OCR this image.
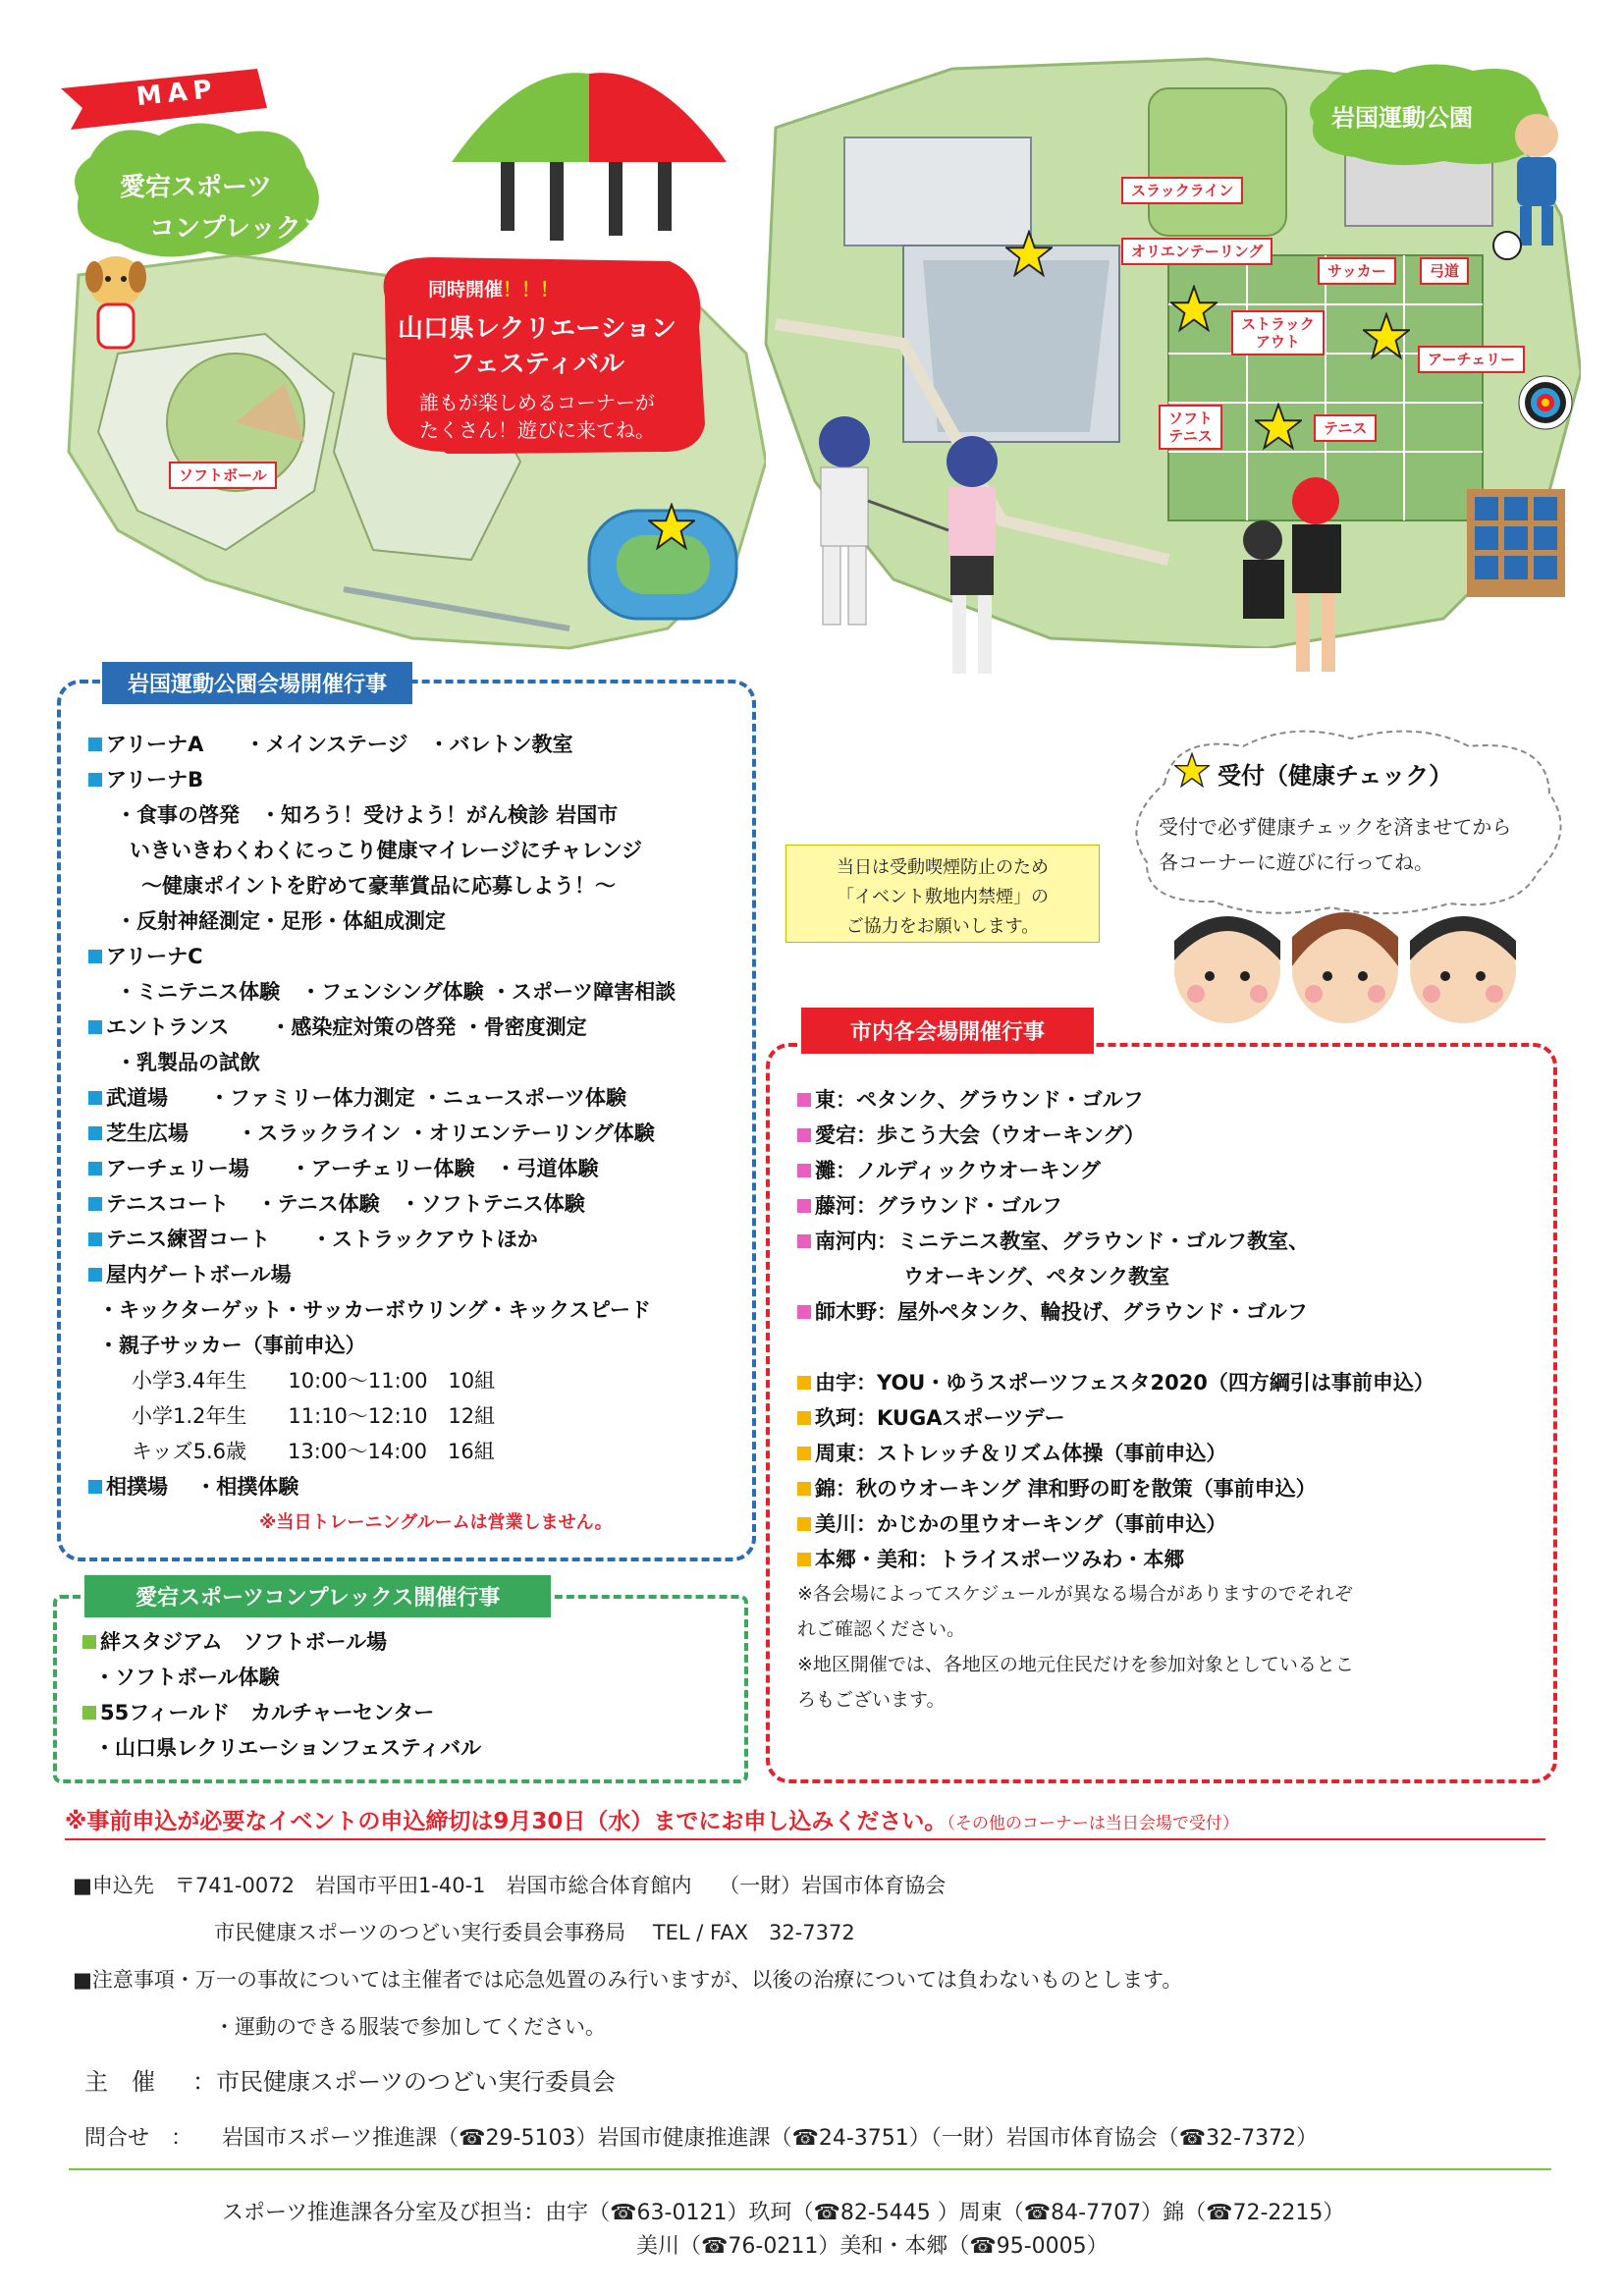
MAP
愛宕スポーツ
コンプレックス
同時開催！！！
山口県レクリエーション
フェスティバル
誰もが楽しめるコーナーが
たくさん！遊びに来てね。
岩国運動公園
ソフトボール
スラックライン
オリエンテーリング
サッカー	弓道
ストラック
アウト
アーチェリー
ソフト
テニス	テニス
岩国運動公園会場開催行事
アリーナA　　・メインステージ　・バレトン教室
アリーナB
・食事の啓発　・知ろう！受けよう！がん検診 岩国市
いきいきわくわくにっこり健康マイレージにチャレンジ
～健康ポイントを貯めて豪華賞品に応募しよう！～
・反射神経測定・足形・体組成測定
アリーナC
・ミニテニス体験　・フェンシング体験 ・スポーツ障害相談
エントランス　　・感染症対策の啓発 ・骨密度測定
・乳製品の試飲
武道場　　・ファミリー体力測定 ・ニュースポーツ体験
芝生広場　　 ・スラックライン ・オリエンテーリング体験
アーチェリー場　　・アーチェリー体験　・弓道体験
テニスコート　 ・テニス体験　・ソフトテニス体験
テニス練習コート　　・ストラックアウトほか
屋内ゲートボール場
・キックターゲット・サッカーボウリング・キックスピード
・親子サッカー（事前申込）
小学3.4年生　　10:00～11:00　10組
小学1.2年生　　11:10～12:10　12組
キッズ5.6歳　　13:00～14:00　16組
相撲場　 ・相撲体験
※当日トレーニングルームは営業しません。
当日は受動喫煙防止のため
「イベント敷地内禁煙」の
ご協力をお願いします。
受付（健康チェック）
受付で必ず健康チェックを済ませてから
各コーナーに遊びに行ってね。
市内各会場開催行事
東：ペタンク、グラウンド・ゴルフ
愛宕：歩こう大会（ウオーキング）
灘：ノルディックウオーキング
藤河：グラウンド・ゴルフ
南河内：ミニテニス教室、グラウンド・ゴルフ教室、
ウオーキング、ペタンク教室
師木野：屋外ペタンク、輪投げ、グラウンド・ゴルフ
由宇：YOU・ゆうスポーツフェスタ2020（四方綱引は事前申込）
玖珂：KUGAスポーツデー
周東：ストレッチ＆リズム体操（事前申込）
錦：秋のウオーキング 津和野の町を散策（事前申込）
美川：かじかの里ウオーキング（事前申込）
本郷・美和：トライスポーツみわ・本郷
※各会場によってスケジュールが異なる場合がありますのでそれぞ
れご確認ください。
※地区開催では、各地区の地元住民だけを参加対象としているとこ
ろもございます。
愛宕スポーツコンプレックス開催行事
絆スタジアム　ソフトボール場
・ソフトボール体験
55フィールド　カルチャーセンター
・山口県レクリエーションフェスティバル
※事前申込が必要なイベントの申込締切は9月30日（水）までにお申し込みください。（その他のコーナーは当日会場で受付）
■申込先　〒741-0072　岩国市平田1-40-1　岩国市総合体育館内　 （一財）岩国市体育協会
市民健康スポーツのつどい実行委員会事務局　 TEL / FAX　32-7372
■注意事項・万一の事故については主催者では応急処置のみ行いますが、以後の治療については負わないものとします。
・運動のできる服装で参加してください。
主　催 ：市民健康スポーツのつどい実行委員会
問合せ　： 岩国市スポーツ推進課（☎29-5103）岩国市健康推進課（☎24-3751）（一財）岩国市体育協会（☎32-7372）
スポーツ推進課各分室及び担当：由宇（☎63-0121）玖珂（☎82-5445 ）周東（☎84-7707）錦（☎72-2215）
美川（☎76-0211）美和・本郷（☎95-0005）
